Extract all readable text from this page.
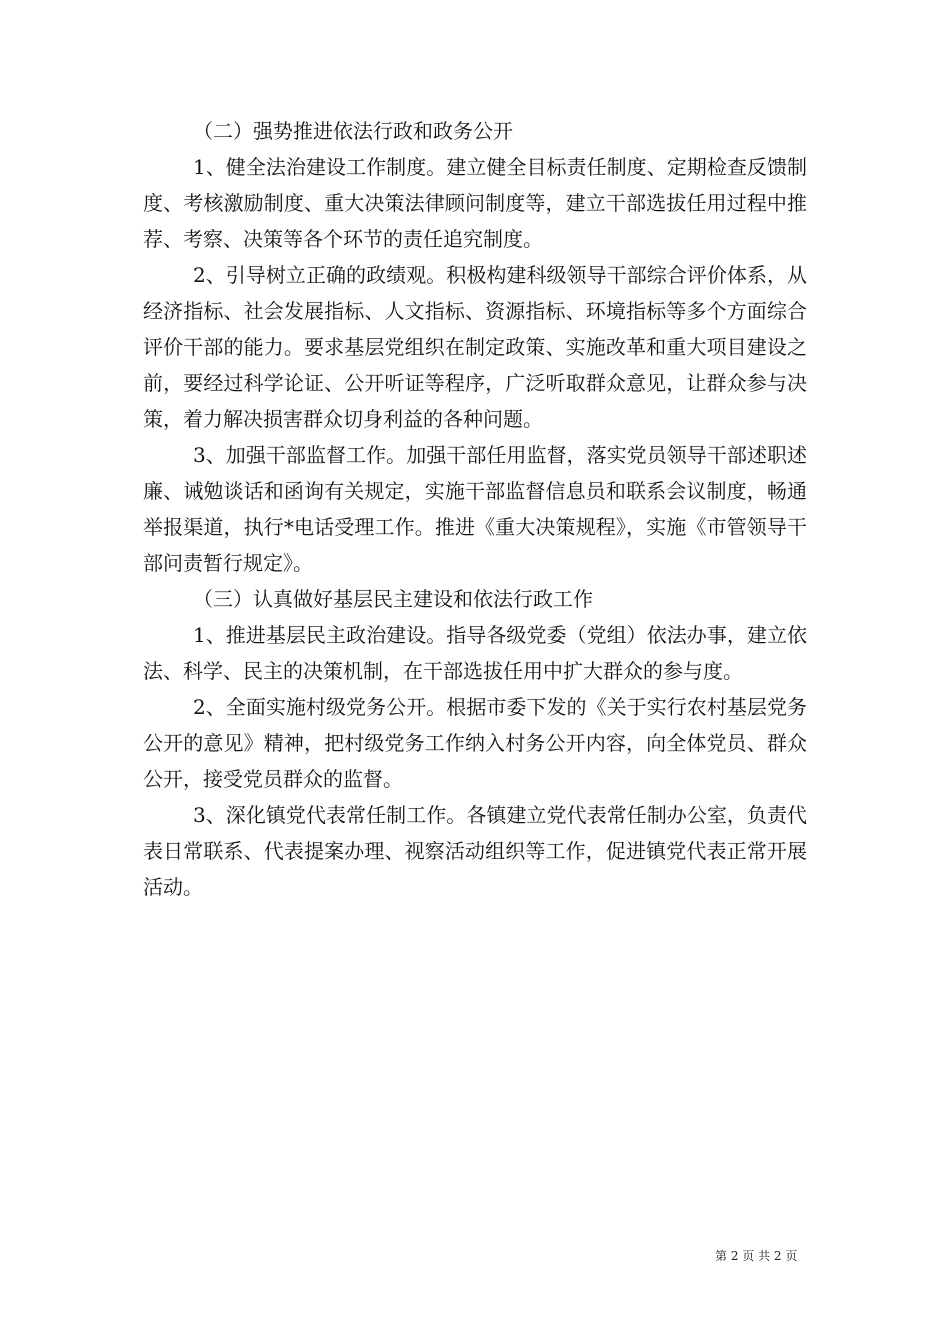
（二）强势推进依法行政和政务公开

1、健全法治建设工作制度。建立健全目标责任制度、定期检查反馈制度、考核激励制度、重大决策法律顾问制度等，建立干部选拔任用过程中推荐、考察、决策等各个环节的责任追究制度。

2、引导树立正确的政绩观。积极构建科级领导干部综合评价体系，从经济指标、社会发展指标、人文指标、资源指标、环境指标等多个方面综合评价干部的能力。要求基层党组织在制定政策、实施改革和重大项目建设之前，要经过科学论证、公开听证等程序，广泛听取群众意见，让群众参与决策，着力解决损害群众切身利益的各种问题。

3、加强干部监督工作。加强干部任用监督，落实党员领导干部述职述廉、诫勉谈话和函询有关规定，实施干部监督信息员和联系会议制度，畅通举报渠道，执行*电话受理工作。推进《重大决策规程》，实施《市管领导干部问责暂行规定》。

（三）认真做好基层民主建设和依法行政工作

1、推进基层民主政治建设。指导各级党委（党组）依法办事，建立依法、科学、民主的决策机制，在干部选拔任用中扩大群众的参与度。

2、全面实施村级党务公开。根据市委下发的《关于实行农村基层党务公开的意见》精神，把村级党务工作纳入村务公开内容，向全体党员、群众公开，接受党员群众的监督。

3、深化镇党代表常任制工作。各镇建立党代表常任制办公室，负责代表日常联系、代表提案办理、视察活动组织等工作，促进镇党代表正常开展活动。

第 2 页 共 2 页
